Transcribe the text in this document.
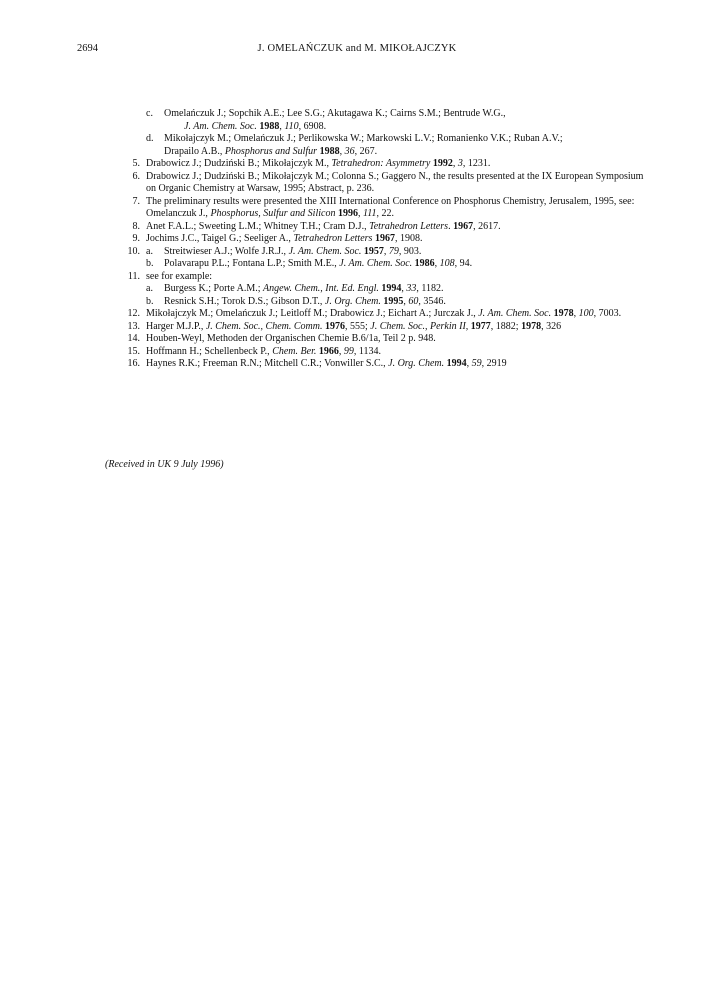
2694	J. OMELAŃCZUK and M. MIKOŁAJCZYK
c.	Omelańczuk J.; Sopchik A.E.; Lee S.G.; Akutagawa K.; Cairns S.M.; Bentrude W.G.,
J. Am. Chem. Soc. 1988, 110, 6908.
d.	Mikołajczyk M.; Omelańczuk J.; Perlikowska W.; Markowski L.V.; Romanienko V.K.; Ruban A.V.;
Drapailo A.B., Phosphorus and Sulfur 1988, 36, 267.
5. Drabowicz J.; Dudziński B.; Mikołajczyk M., Tetrahedron: Asymmetry 1992, 3, 1231.
6. Drabowicz J.; Dudziński B.; Mikołajczyk M.; Colonna S.; Gaggero N., the results presented at the IX European Symposium on Organic Chemistry at Warsaw, 1995; Abstract, p. 236.
7. The preliminary results were presented the XIII International Conference on Phosphorus Chemistry, Jerusalem, 1995, see: Omelanczuk J., Phosphorus, Sulfur and Silicon 1996, 111, 22.
8. Anet F.A.L.; Sweeting L.M.; Whitney T.H.; Cram D.J., Tetrahedron Letters. 1967, 2617.
9. Jochims J.C., Taigel G.; Seeliger A., Tetrahedron Letters 1967, 1908.
10. a.	Streitwieser A.J.; Wolfe J.R.J., J. Am. Chem. Soc. 1957, 79, 903.
b.	Polavarapu P.L.; Fontana L.P.; Smith M.E., J. Am. Chem. Soc. 1986, 108, 94.
11. see for example:
a.	Burgess K.; Porte A.M.; Angew. Chem., Int. Ed. Engl. 1994, 33, 1182.
b.	Resnick S.H.; Torok D.S.; Gibson D.T., J. Org. Chem. 1995, 60, 3546.
12. Mikołajczyk M.; Omelańczuk J.; Leitloff M.; Drabowicz J.; Eichart A.; Jurczak J., J. Am. Chem. Soc. 1978, 100, 7003.
13. Harger M.J.P., J. Chem. Soc., Chem. Comm. 1976, 555; J. Chem. Soc., Perkin II, 1977, 1882; 1978, 326
14. Houben-Weyl, Methoden der Organischen Chemie B.6/1a, Teil 2 p. 948.
15. Hoffmann H.; Schellenbeck P., Chem. Ber. 1966, 99, 1134.
16. Haynes R.K.; Freeman R.N.; Mitchell C.R.; Vonwiller S.C., J. Org. Chem. 1994, 59, 2919
(Received in UK 9 July 1996)
